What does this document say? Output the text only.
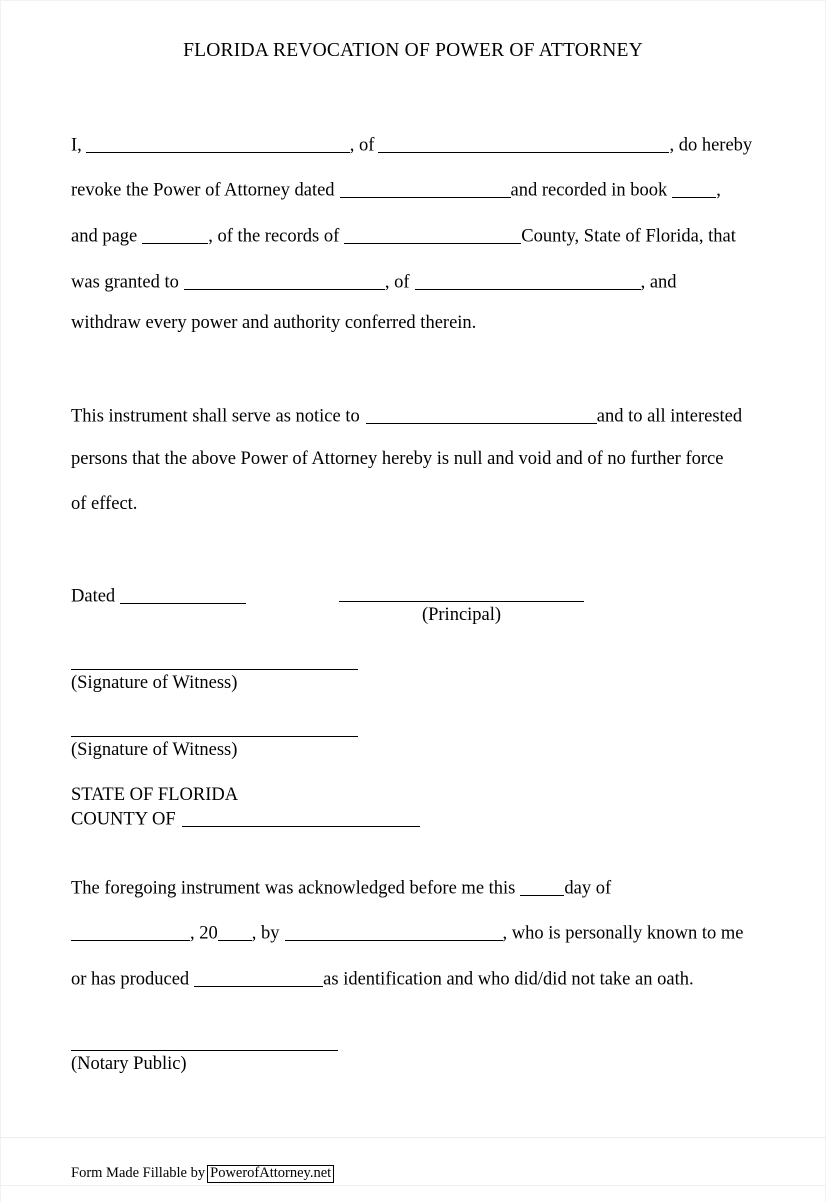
FLORIDA REVOCATION OF POWER OF ATTORNEY
I,	, of	, do hereby
revoke the Power of Attorney dated	and recorded in book	,
and page	, of the records of	County, State of Florida, that
was granted to	, of	, and
withdraw every power and authority conferred therein.
This instrument shall serve as notice to	and to all interested
persons that the above Power of Attorney hereby is null and void and of no further force
of effect.
Dated
(Principal)
(Signature of Witness)
(Signature of Witness)
STATE OF FLORIDA
COUNTY OF
The foregoing instrument was acknowledged before me this	day of
, 20 , by	, who is personally known to me
or has produced	as identification and who did/did not take an oath.
(Notary Public)
Form Made Fillable by PowerofAttorney.net
